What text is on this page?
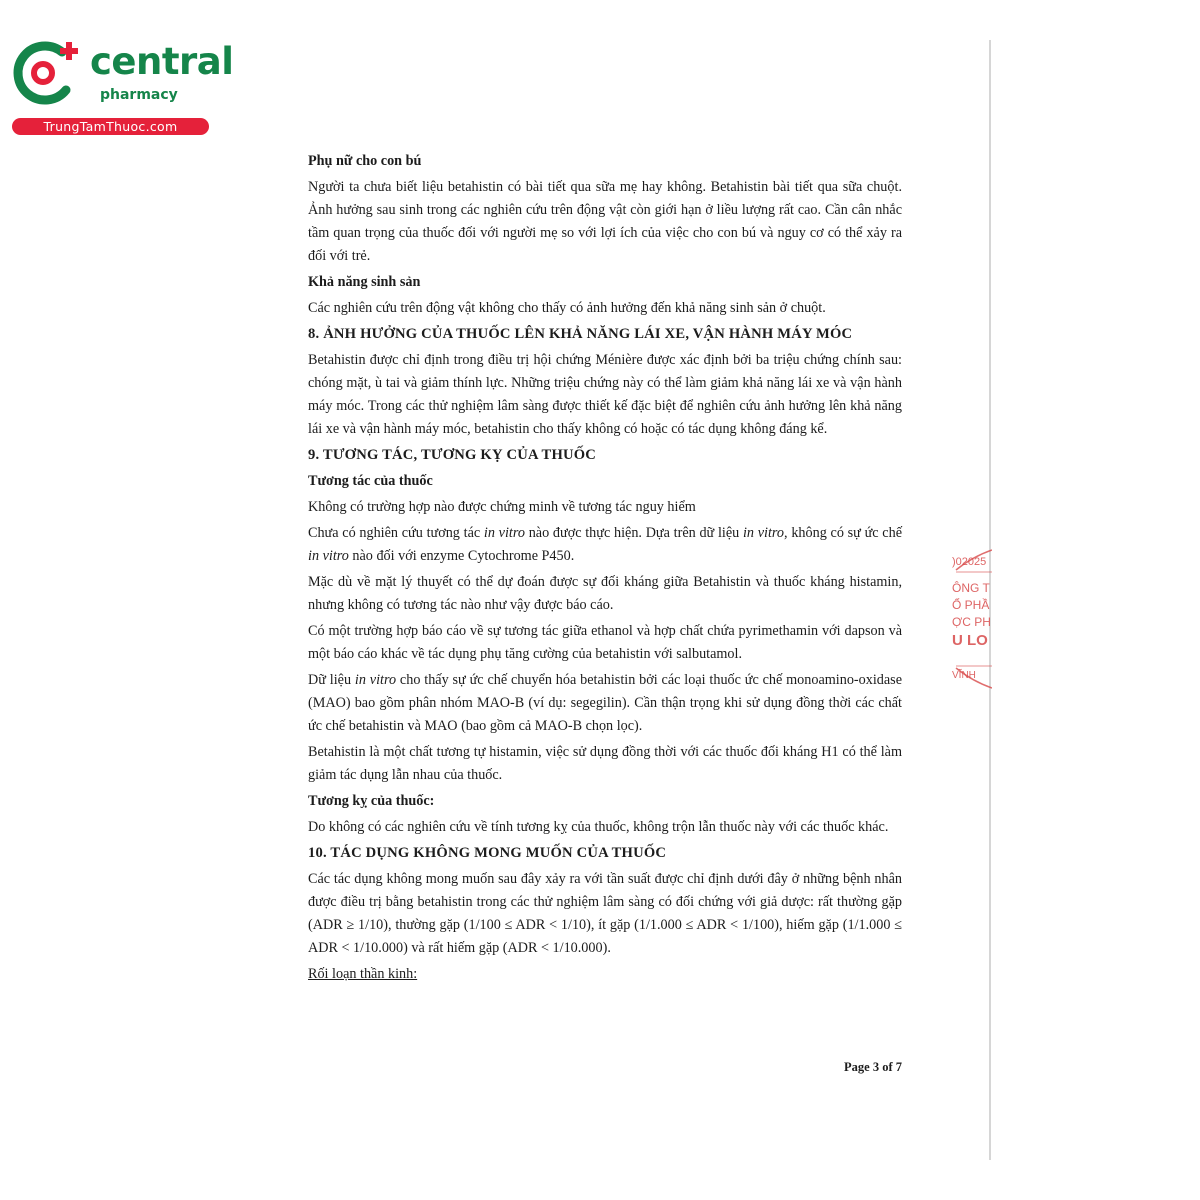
central
pharmacy
TrungTamThuoc.com
)02025
ÔNG T
Ổ PHẦ
ỢC PH
U LO
VĨNH
Phụ nữ cho con bú

Người ta chưa biết liệu betahistin có bài tiết qua sữa mẹ hay không. Betahistin bài tiết qua sữa chuột. Ảnh hưởng sau sinh trong các nghiên cứu trên động vật còn giới hạn ở liều lượng rất cao. Cần cân nhắc tầm quan trọng của thuốc đối với người mẹ so với lợi ích của việc cho con bú và nguy cơ có thể xảy ra đối với trẻ.

Khả năng sinh sản

Các nghiên cứu trên động vật không cho thấy có ảnh hưởng đến khả năng sinh sản ở chuột.

8. ẢNH HƯỞNG CỦA THUỐC LÊN KHẢ NĂNG LÁI XE, VẬN HÀNH MÁY MÓC

Betahistin được chỉ định trong điều trị hội chứng Ménière được xác định bởi ba triệu chứng chính sau: chóng mặt, ù tai và giảm thính lực. Những triệu chứng này có thể làm giảm khả năng lái xe và vận hành máy móc. Trong các thử nghiệm lâm sàng được thiết kế đặc biệt để nghiên cứu ảnh hưởng lên khả năng lái xe và vận hành máy móc, betahistin cho thấy không có hoặc có tác dụng không đáng kể.

9. TƯƠNG TÁC, TƯƠNG KỴ CỦA THUỐC
Tương tác của thuốc

Không có trường hợp nào được chứng minh về tương tác nguy hiểm

Chưa có nghiên cứu tương tác in vitro nào được thực hiện. Dựa trên dữ liệu in vitro, không có sự ức chế in vitro nào đối với enzyme Cytochrome P450.

Mặc dù về mặt lý thuyết có thể dự đoán được sự đối kháng giữa Betahistin và thuốc kháng histamin, nhưng không có tương tác nào như vậy được báo cáo.

Có một trường hợp báo cáo về sự tương tác giữa ethanol và hợp chất chứa pyrimethamin với dapson và một báo cáo khác về tác dụng phụ tăng cường của betahistin với salbutamol.

Dữ liệu in vitro cho thấy sự ức chế chuyển hóa betahistin bởi các loại thuốc ức chế monoamino-oxidase (MAO) bao gồm phân nhóm MAO-B (ví dụ: segegilin). Cần thận trọng khi sử dụng đồng thời các chất ức chế betahistin và MAO (bao gồm cả MAO-B chọn lọc).

Betahistin là một chất tương tự histamin, việc sử dụng đồng thời với các thuốc đối kháng H1 có thể làm giảm tác dụng lẫn nhau của thuốc.

Tương kỵ của thuốc:

Do không có các nghiên cứu về tính tương kỵ của thuốc, không trộn lẫn thuốc này với các thuốc khác.

10. TÁC DỤNG KHÔNG MONG MUỐN CỦA THUỐC

Các tác dụng không mong muốn sau đây xảy ra với tần suất được chỉ định dưới đây ở những bệnh nhân được điều trị bằng betahistin trong các thử nghiệm lâm sàng có đối chứng với giả dược: rất thường gặp (ADR ≥ 1/10), thường gặp (1/100 ≤ ADR < 1/10), ít gặp (1/1.000 ≤ ADR < 1/100), hiếm gặp (1/1.000 ≤ ADR < 1/10.000) và rất hiếm gặp (ADR < 1/10.000).

Rối loạn thần kinh:
Page 3 of 7
